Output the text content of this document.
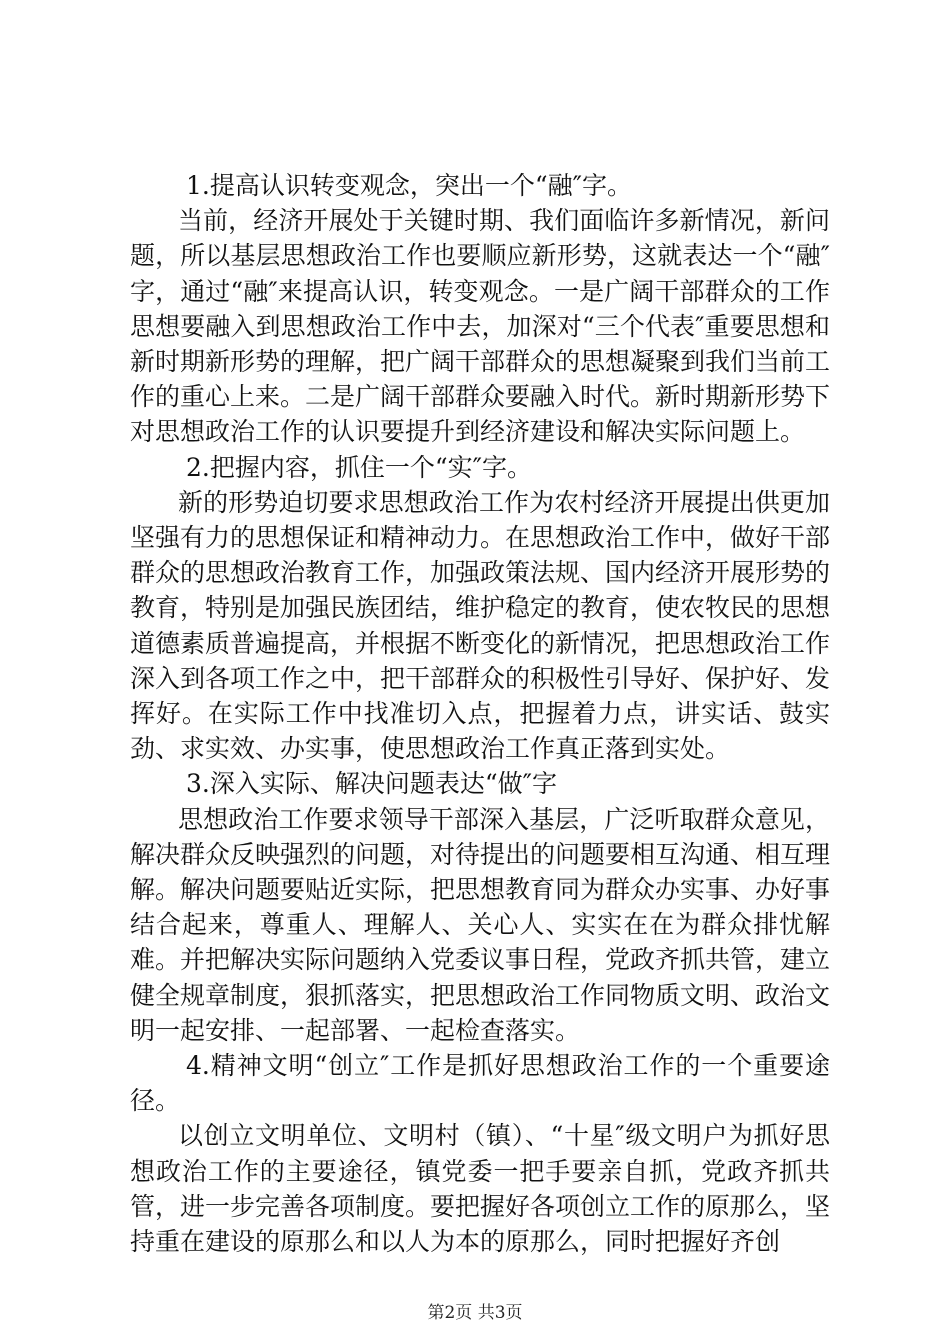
1.提高认识转变观念，突出一个“融″字。

当前，经济开展处于关键时期、我们面临许多新情况，新问题，所以基层思想政治工作也要顺应新形势，这就表达一个“融″字，通过“融″来提高认识，转变观念。一是广阔干部群众的工作思想要融入到思想政治工作中去，加深对“三个代表″重要思想和新时期新形势的理解，把广阔干部群众的思想凝聚到我们当前工作的重心上来。二是广阔干部群众要融入时代。新时期新形势下对思想政治工作的认识要提升到经济建设和解决实际问题上。

2.把握内容，抓住一个“实″字。

新的形势迫切要求思想政治工作为农村经济开展提出供更加坚强有力的思想保证和精神动力。在思想政治工作中，做好干部群众的思想政治教育工作，加强政策法规、国内经济开展形势的教育，特别是加强民族团结，维护稳定的教育，使农牧民的思想道德素质普遍提高，并根据不断变化的新情况，把思想政治工作深入到各项工作之中，把干部群众的积极性引导好、保护好、发挥好。在实际工作中找准切入点，把握着力点，讲实话、鼓实劲、求实效、办实事，使思想政治工作真正落到实处。

3.深入实际、解决问题表达“做″字

思想政治工作要求领导干部深入基层，广泛听取群众意见，解决群众反映强烈的问题，对待提出的问题要相互沟通、相互理解。解决问题要贴近实际，把思想教育同为群众办实事、办好事结合起来，尊重人、理解人、关心人、实实在在为群众排忧解难。并把解决实际问题纳入党委议事日程，党政齐抓共管，建立健全规章制度，狠抓落实，把思想政治工作同物质文明、政治文明一起安排、一起部署、一起检查落实。

4.精神文明“创立″工作是抓好思想政治工作的一个重要途径。

以创立文明单位、文明村（镇）、“十星″级文明户为抓好思想政治工作的主要途径，镇党委一把手要亲自抓，党政齐抓共管，进一步完善各项制度。要把握好各项创立工作的原那么，坚持重在建设的原那么和以人为本的原那么，同时把握好齐创

第2页 共3页
